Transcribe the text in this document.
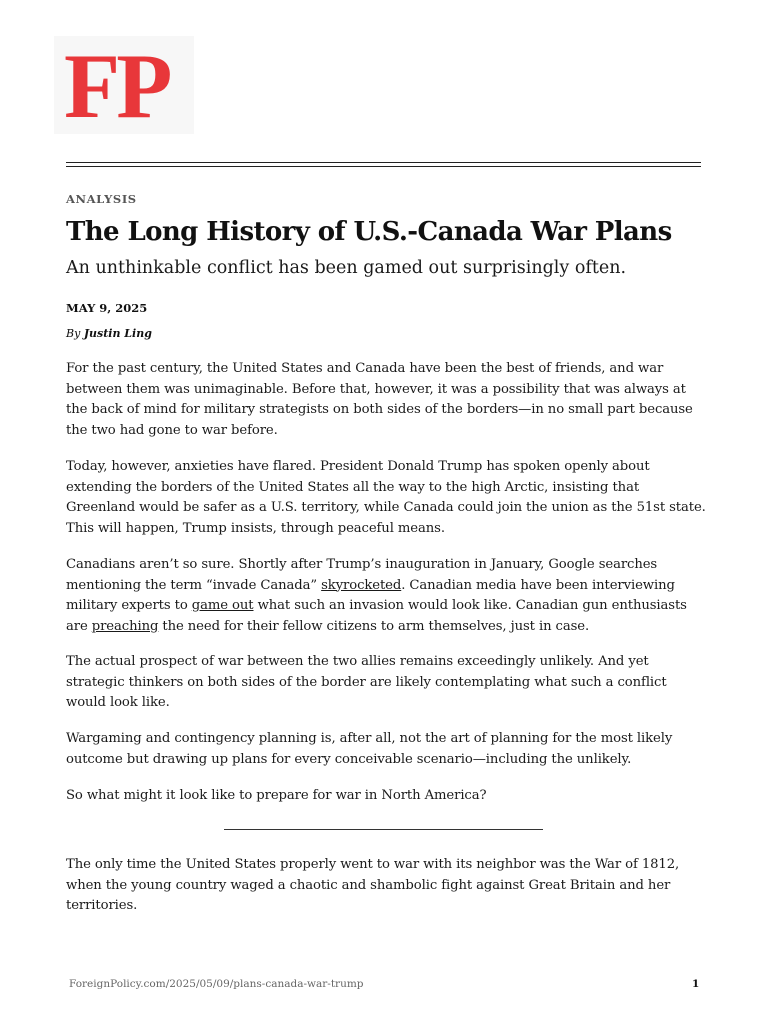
FP
ANALYSIS
The Long History of U.S.-Canada War Plans

An unthinkable conflict has been gamed out surprisingly often.

MAY 9, 2025
By Justin Ling

For the past century, the United States and Canada have been the best of friends, and war between them was unimaginable. Before that, however, it was a possibility that was always at the back of mind for military strategists on both sides of the borders—in no small part because the two had gone to war before.

Today, however, anxieties have flared. President Donald Trump has spoken openly about extending the borders of the United States all the way to the high Arctic, insisting that Greenland would be safer as a U.S. territory, while Canada could join the union as the 51st state. This will happen, Trump insists, through peaceful means.

Canadians aren’t so sure. Shortly after Trump’s inauguration in January, Google searches mentioning the term “invade Canada” skyrocketed. Canadian media have been interviewing military experts to game out what such an invasion would look like. Canadian gun enthusiasts are preaching the need for their fellow citizens to arm themselves, just in case.

The actual prospect of war between the two allies remains exceedingly unlikely. And yet strategic thinkers on both sides of the border are likely contemplating what such a conflict would look like.

Wargaming and contingency planning is, after all, not the art of planning for the most likely outcome but drawing up plans for every conceivable scenario—including the unlikely.

So what might it look like to prepare for war in North America?

The only time the United States properly went to war with its neighbor was the War of 1812, when the young country waged a chaotic and shambolic fight against Great Britain and her territories.

ForeignPolicy.com/2025/05/09/plans-canada-war-trump	1
